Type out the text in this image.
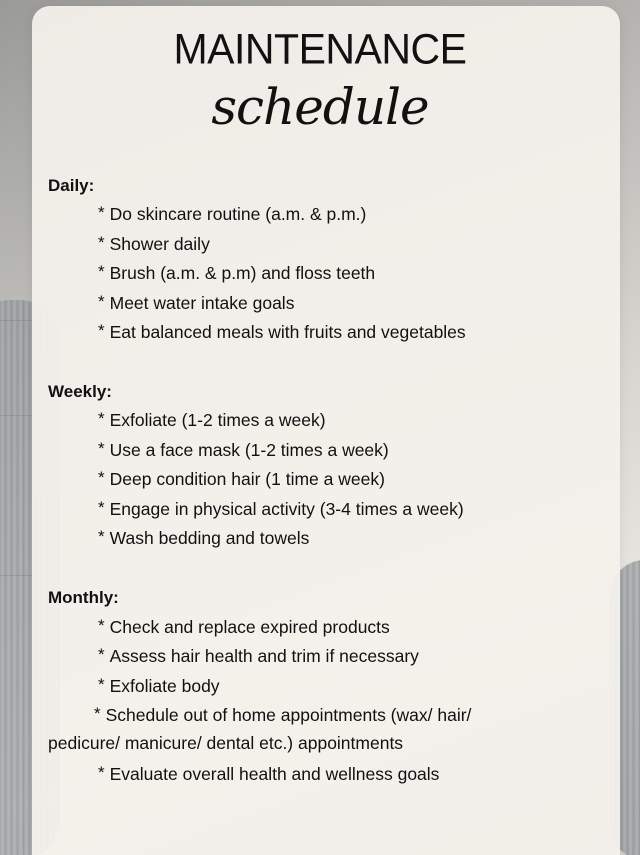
MAINTENANCE
schedule
Daily:
* Do skincare routine (a.m. & p.m.)
* Shower daily
* Brush (a.m. & p.m) and floss teeth
* Meet water intake goals
* Eat balanced meals with fruits and vegetables
Weekly:
* Exfoliate (1-2 times a week)
* Use a face mask (1-2 times a week)
* Deep condition hair (1 time a week)
* Engage in physical activity (3-4 times a week)
* Wash bedding and towels
Monthly:
* Check and replace expired products
* Assess hair health and trim if necessary
* Exfoliate body
* Schedule out of home appointments (wax/ hair/
pedicure/ manicure/ dental etc.) appointments
* Evaluate overall health and wellness goals
